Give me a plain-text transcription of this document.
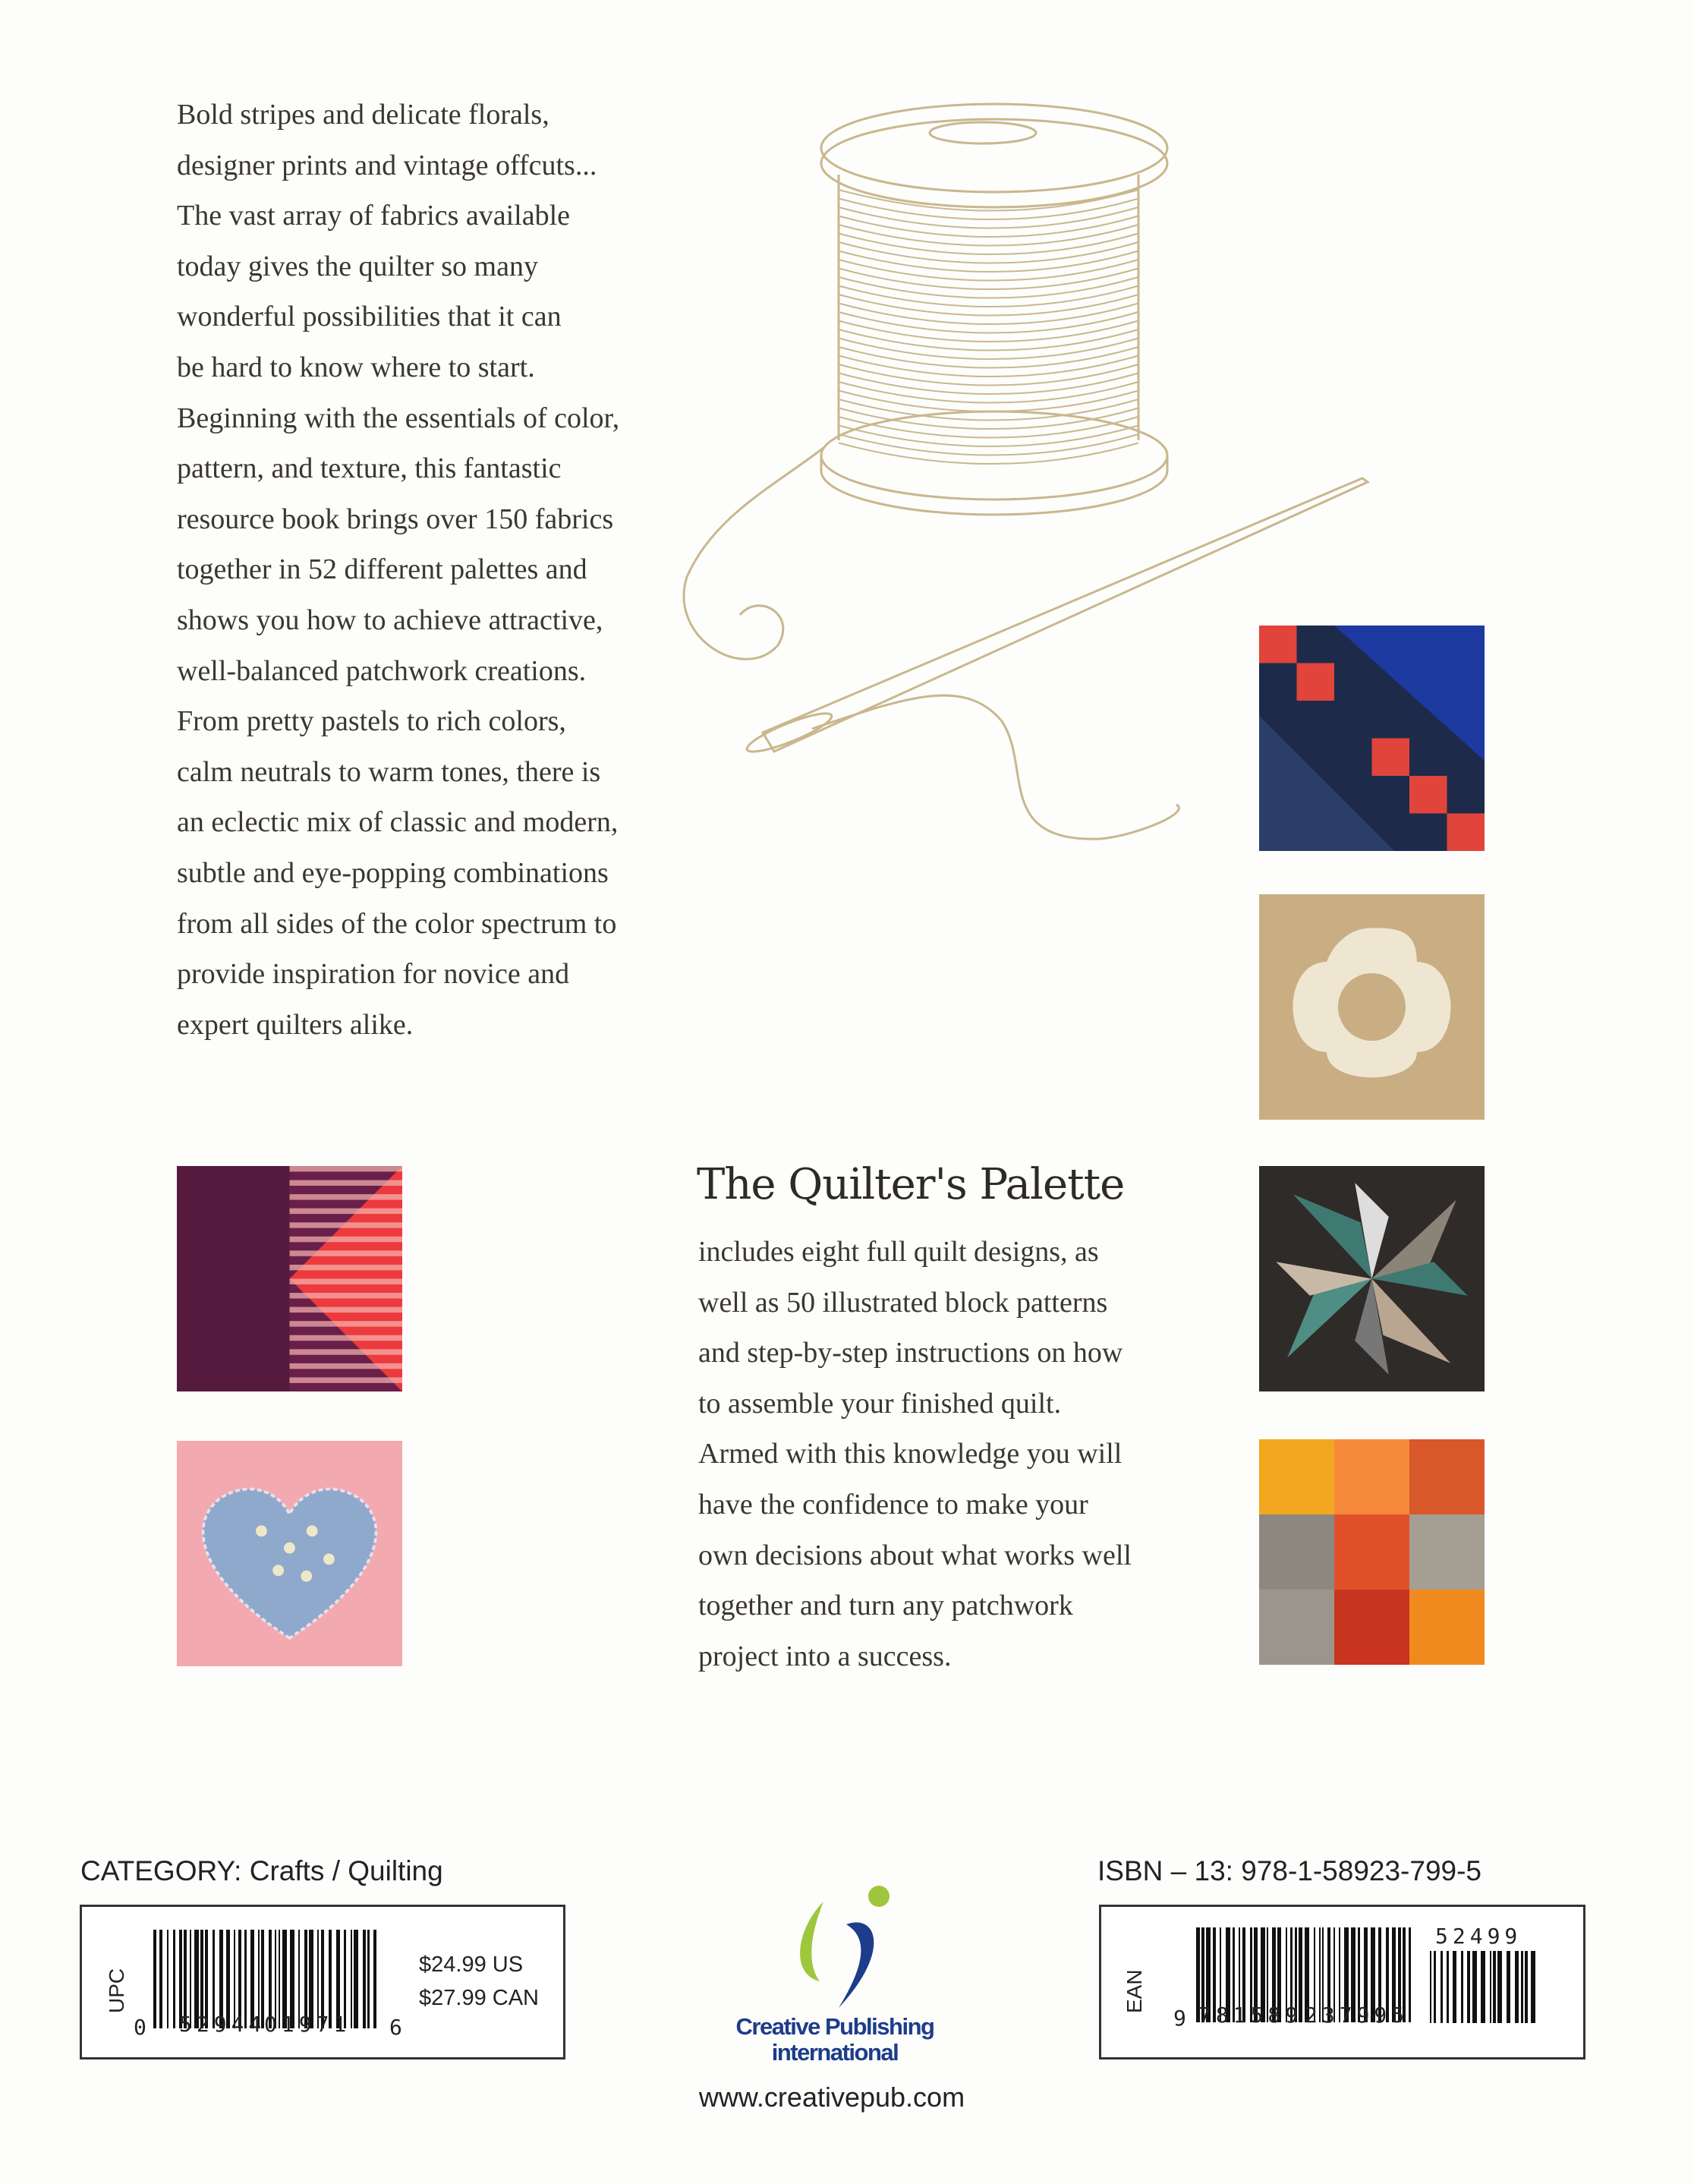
Bold stripes and delicate florals,
designer prints and vintage offcuts...
The vast array of fabrics available
today gives the quilter so many
wonderful possibilities that it can
be hard to know where to start.
Beginning with the essentials of color,
pattern, and texture, this fantastic
resource book brings over 150 fabrics
together in 52 different palettes and
shows you how to achieve attractive,
well-balanced patchwork creations.
From pretty pastels to rich colors,
calm neutrals to warm tones, there is
an eclectic mix of classic and modern,
subtle and eye-popping combinations
from all sides of the color spectrum to
provide inspiration for novice and
expert quilters alike.
The Quilter's Palette
includes eight full quilt designs, as
well as 50 illustrated block patterns
and step-by-step instructions on how
to assemble your finished quilt.
Armed with this knowledge you will
have the confidence to make your
own decisions about what works well
together and turn any patchwork
project into a success.
CATEGORY: Crafts / Quilting
UPC
0 52944
01971 6
$24.99 US
$27.99 CAN
ISBN – 13: 978-1-58923-799-5
EAN
9 781589 237995
52499
Creative Publishing
international
www.creativepub.com
